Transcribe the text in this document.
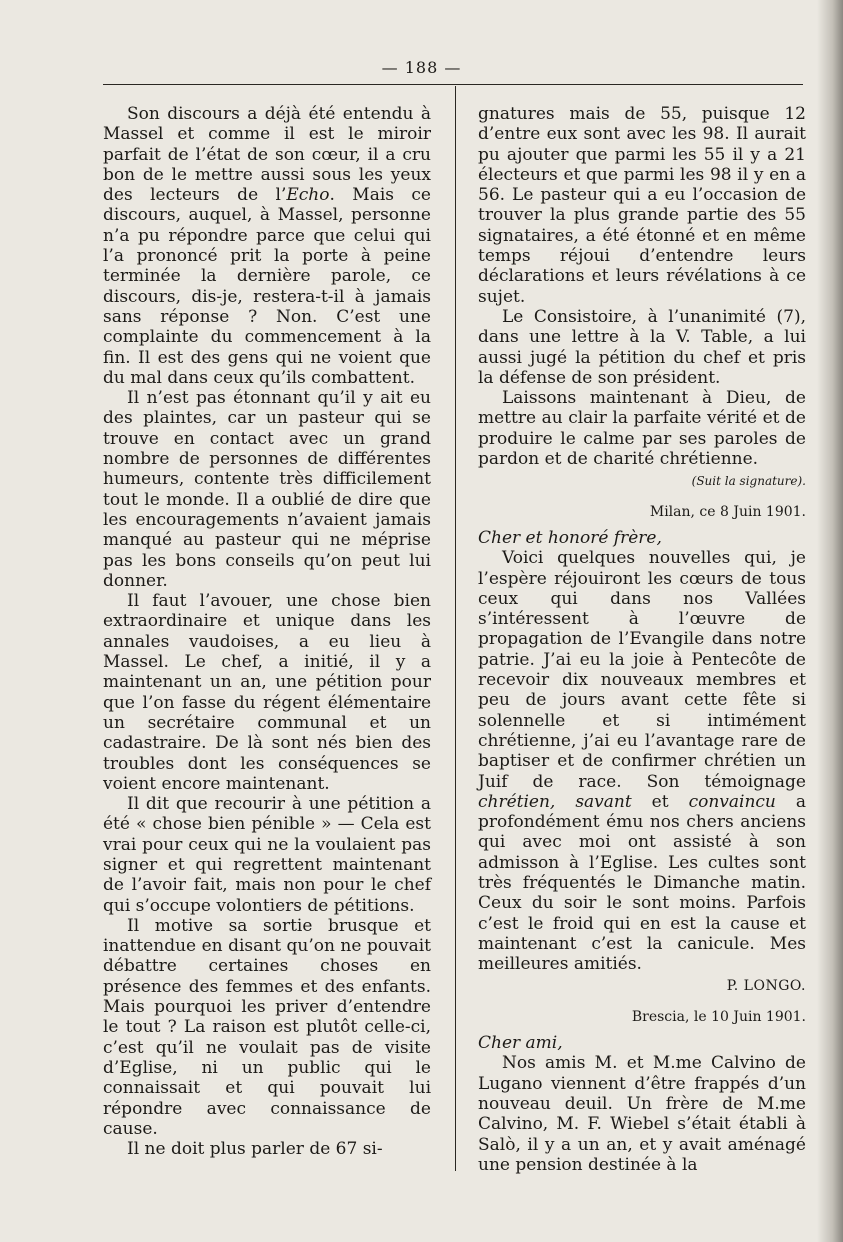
— 188 —

Son discours a déjà été entendu à Massel et comme il est le miroir parfait de l’état de son cœur, il a cru bon de le mettre aussi sous les yeux des lecteurs de l’Echo. Mais ce discours, auquel, à Massel, personne n’a pu répondre parce que celui qui l’a prononcé prit la porte à peine terminée la dernière parole, ce discours, dis-je, restera-t-il à jamais sans réponse ? Non. C’est une complainte du commencement à la fin. Il est des gens qui ne voient que du mal dans ceux qu’ils combattent.

Il n’est pas étonnant qu’il y ait eu des plaintes, car un pasteur qui se trouve en contact avec un grand nombre de personnes de différentes humeurs, contente très difficilement tout le monde. Il a oublié de dire que les encouragements n’avaient jamais manqué au pasteur qui ne méprise pas les bons conseils qu’on peut lui donner.

Il faut l’avouer, une chose bien extraordinaire et unique dans les annales vaudoises, a eu lieu à Massel. Le chef, a initié, il y a maintenant un an, une pétition pour que l’on fasse du régent élémentaire un secrétaire communal et un cadastraire. De là sont nés bien des troubles dont les conséquences se voient encore maintenant.

Il dit que recourir à une pétition a été « chose bien pénible » — Cela est vrai pour ceux qui ne la voulaient pas signer et qui regrettent maintenant de l’avoir fait, mais non pour le chef qui s’occupe volontiers de pétitions.

Il motive sa sortie brusque et inattendue en disant qu’on ne pouvait débattre certaines choses en présence des femmes et des enfants. Mais pourquoi les priver d’entendre le tout ? La raison est plutôt celle-ci, c’est qu’il ne voulait pas de visite d’Eglise, ni un public qui le connaissait et qui pouvait lui répondre avec connaissance de cause.

Il ne doit plus parler de 67 si-

gnatures mais de 55, puisque 12 d’entre eux sont avec les 98. Il aurait pu ajouter que parmi les 55 il y a 21 électeurs et que parmi les 98 il y en a 56. Le pasteur qui a eu l’occasion de trouver la plus grande partie des 55 signataires, a été étonné et en même temps réjoui d’entendre leurs déclarations et leurs révélations à ce sujet.

Le Consistoire, à l’unanimité (7), dans une lettre à la V. Table, a lui aussi jugé la pétition du chef et pris la défense de son président.

Laissons maintenant à Dieu, de mettre au clair la parfaite vérité et de produire le calme par ses paroles de pardon et de charité chrétienne.

(Suit la signature).
Milan, ce 8 Juin 1901.

Cher et honoré frère,

Voici quelques nouvelles qui, je l’espère réjouiront les cœurs de tous ceux qui dans nos Vallées s’intéressent à l’œuvre de propagation de l’Evangile dans notre patrie. J’ai eu la joie à Pentecôte de recevoir dix nouveaux membres et peu de jours avant cette fête si solennelle et si intimément chrétienne, j’ai eu l’avantage rare de baptiser et de confirmer chrétien un Juif de race. Son témoignage chrétien, savant et convaincu a profondément ému nos chers anciens qui avec moi ont assisté à son admisson à l’Eglise. Les cultes sont très fréquentés le Dimanche matin. Ceux du soir le sont moins. Parfois c’est le froid qui en est la cause et maintenant c’est la canicule. Mes meilleures amitiés.

P. LONGO.
Brescia, le 10 Juin 1901.

Cher ami,

Nos amis M. et M.me Calvino de Lugano viennent d’être frappés d’un nouveau deuil. Un frère de M.me Calvino, M. F. Wiebel s’était établi à Salò, il y a un an, et y avait aménagé une pension destinée à la
